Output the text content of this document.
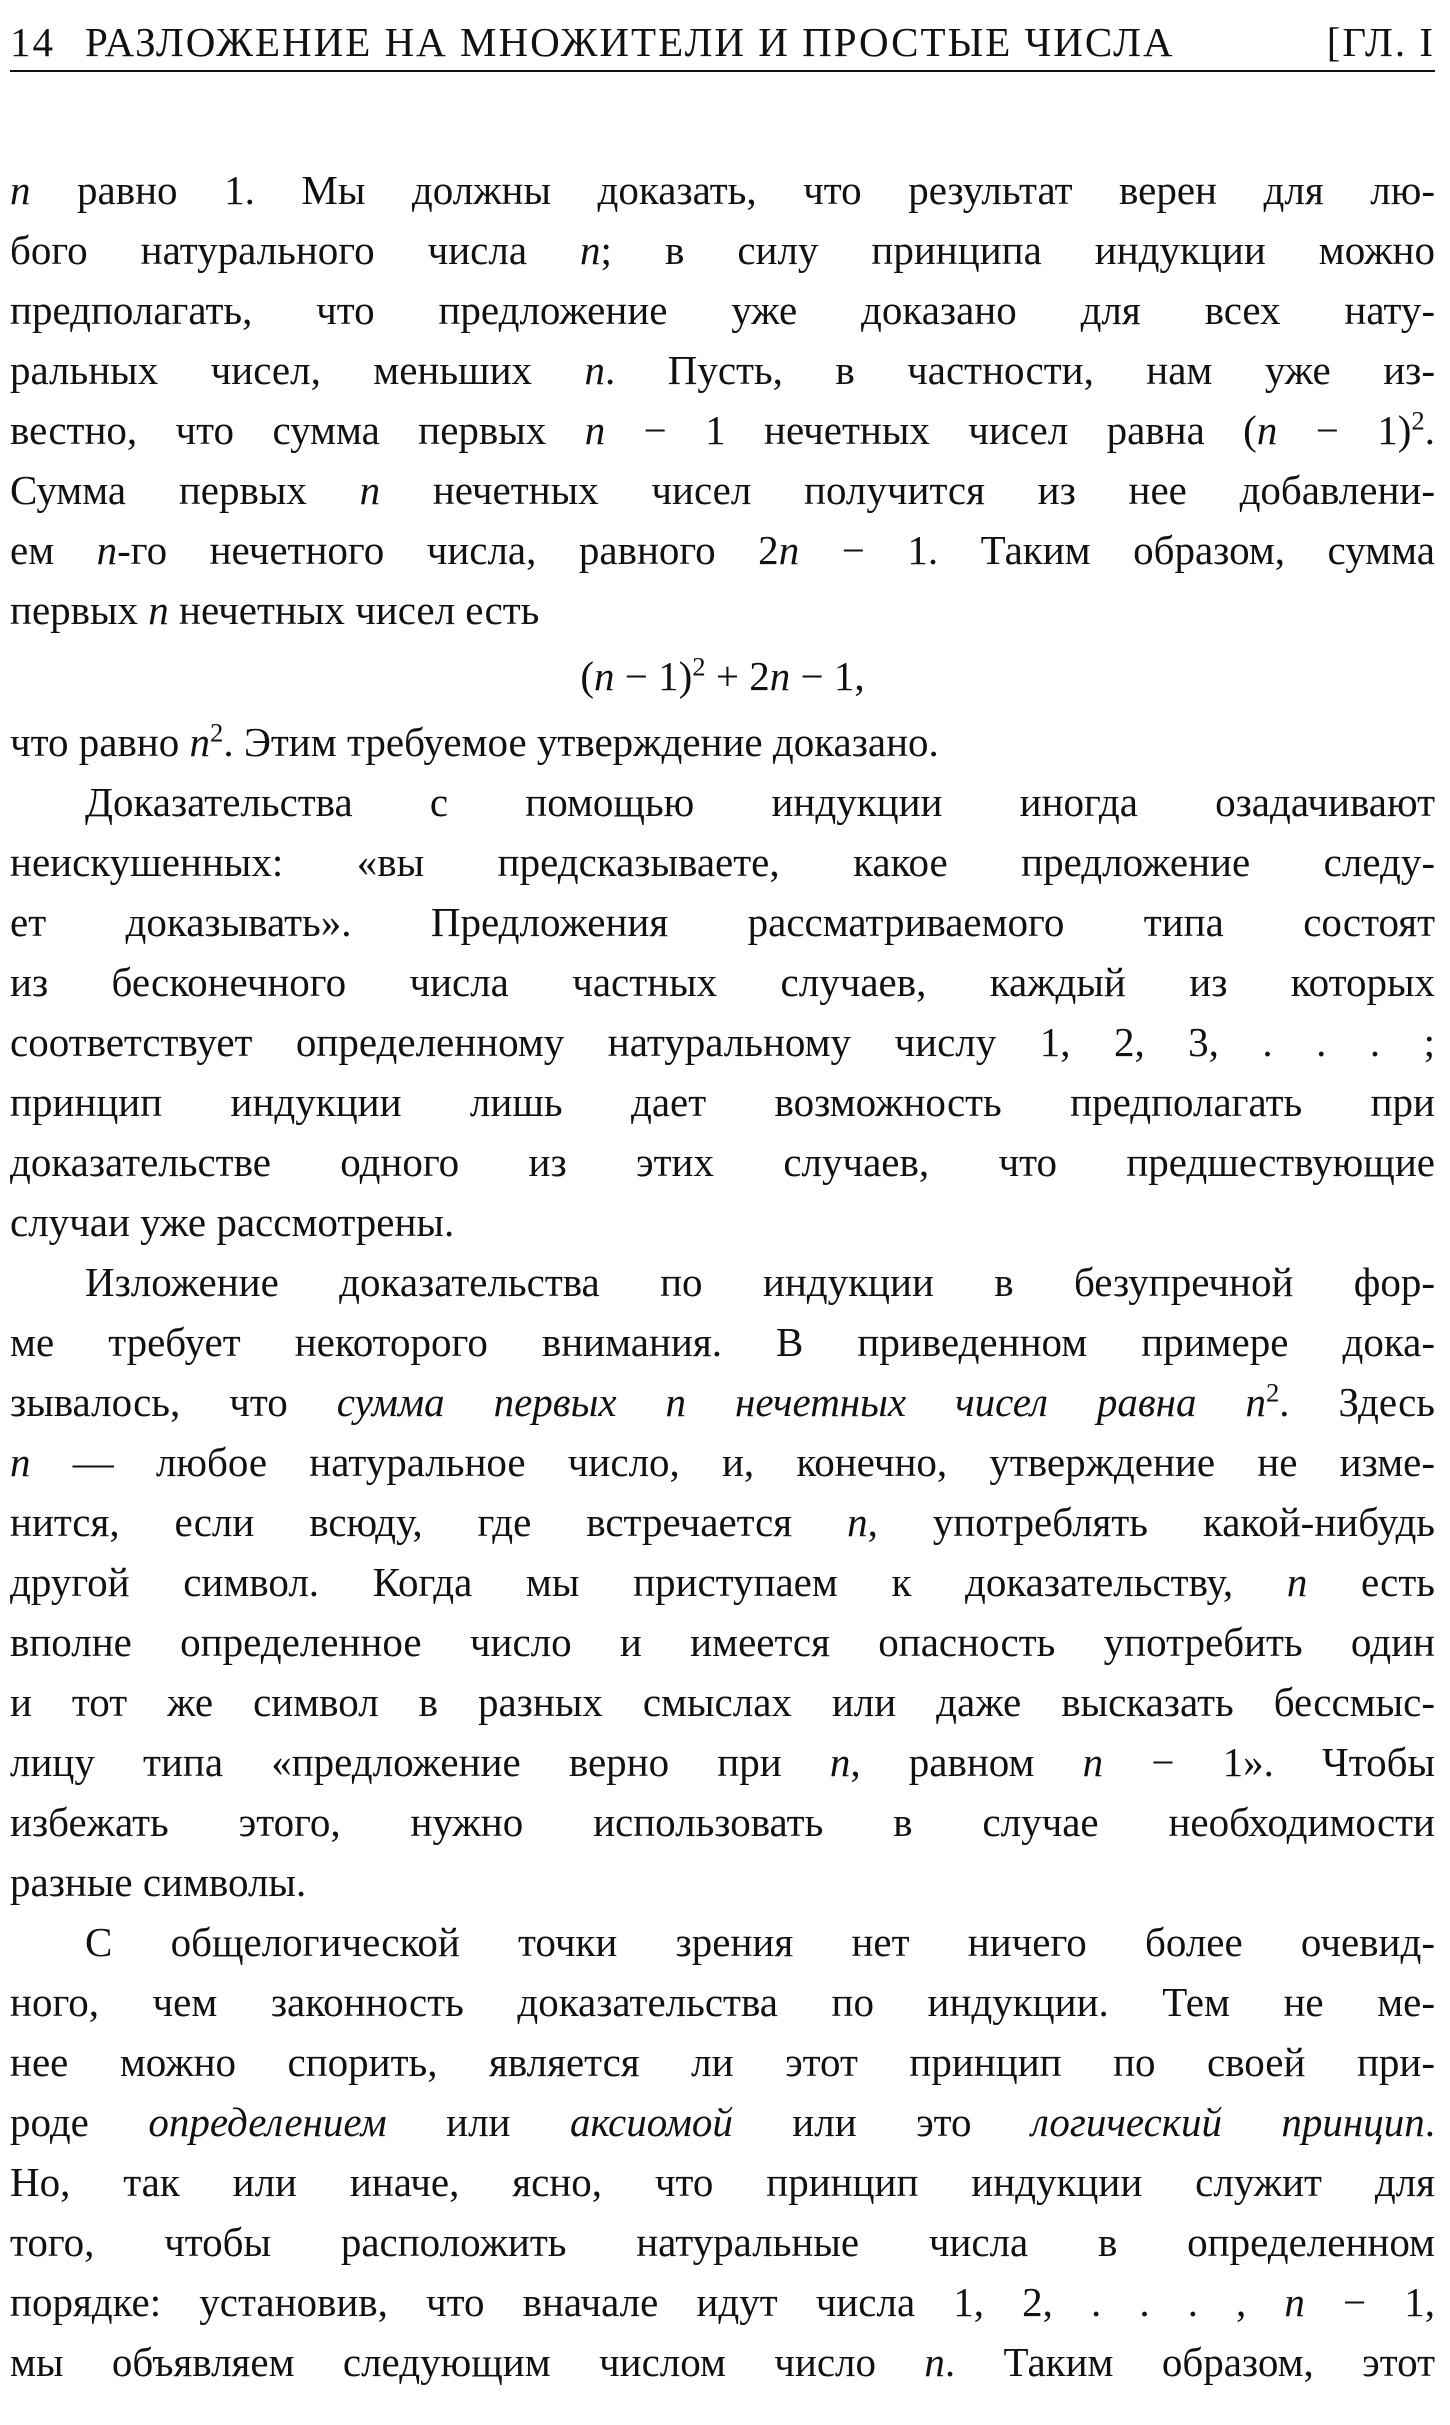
14 РАЗЛОЖЕНИЕ НА МНОЖИТЕЛИ И ПРОСТЫЕ ЧИСЛА	[ГЛ. I
n равно 1. Мы должны доказать, что результат верен для лю-
бого натурального числа n; в силу принципа индукции можно
предполагать, что предложение уже доказано для всех нату-
ральных чисел, меньших n. Пусть, в частности, нам уже из-
вестно, что сумма первых n − 1 нечетных чисел равна $(n - 1)^2$.
Сумма первых n нечетных чисел получится из нее добавлени-
ем n-го нечетного числа, равного 2n − 1. Таким образом, сумма
первых n нечетных чисел есть
$(n - 1)^2 + 2n - 1$,
что равно $n^2$. Этим требуемое утверждение доказано.
Доказательства с помощью индукции иногда озадачивают
неискушенных: «вы предсказываете, какое предложение следу-
ет доказывать». Предложения рассматриваемого типа состоят
из бесконечного числа частных случаев, каждый из которых
соответствует определенному натуральному числу 1, 2, 3, . . . ;
принцип индукции лишь дает возможность предполагать при
доказательстве одного из этих случаев, что предшествующие
случаи уже рассмотрены.
Изложение доказательства по индукции в безупречной фор-
ме требует некоторого внимания. В приведенном примере дока-
зывалось, что сумма первых n нечетных чисел равна $n^2$. Здесь
n — любое натуральное число, и, конечно, утверждение не изме-
нится, если всюду, где встречается n, употреблять какой-нибудь
другой символ. Когда мы приступаем к доказательству, n есть
вполне определенное число и имеется опасность употребить один
и тот же символ в разных смыслах или даже высказать бессмыс-
лицу типа «предложение верно при n, равном n − 1». Чтобы
избежать этого, нужно использовать в случае необходимости
разные символы.
С общелогической точки зрения нет ничего более очевид-
ного, чем законность доказательства по индукции. Тем не ме-
нее можно спорить, является ли этот принцип по своей при-
роде определением или аксиомой или это логический принцип.
Но, так или иначе, ясно, что принцип индукции служит для
того, чтобы расположить натуральные числа в определенном
порядке: установив, что вначале идут числа 1, 2, . . . , n − 1,
мы объявляем следующим числом число n. Таким образом, этот
